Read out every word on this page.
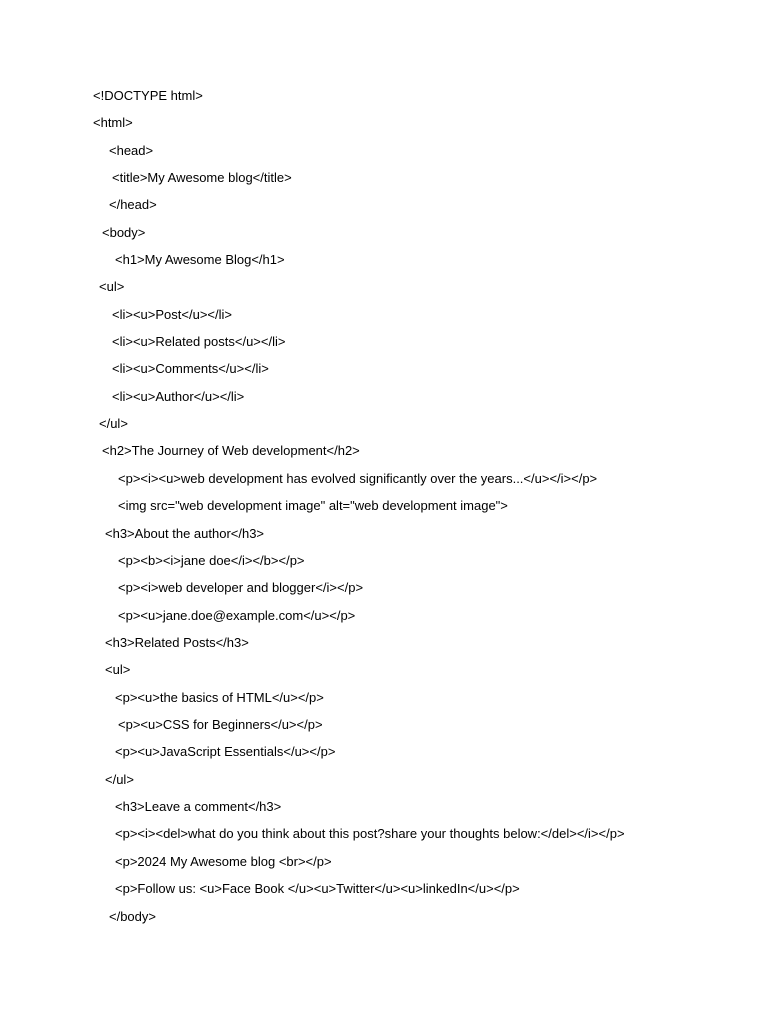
<!DOCTYPE html>

<html>

<head>

<title>My Awesome blog</title>

</head>

<body>

<h1>My Awesome Blog</h1>

<ul>

<li><u>Post</u></li>

<li><u>Related posts</u></li>

<li><u>Comments</u></li>

<li><u>Author</u></li>

</ul>

<h2>The Journey of Web development</h2>

<p><i><u>web development has evolved significantly over the years...</u></i></p>

<img src="web development image" alt="web development image">

<h3>About the author</h3>

<p><b><i>jane doe</i></b></p>

<p><i>web developer and blogger</i></p>

<p><u>jane.doe@example.com</u></p>

<h3>Related Posts</h3>

<ul>

<p><u>the basics of HTML</u></p>

<p><u>CSS for Beginners</u></p>

<p><u>JavaScript Essentials</u></p>

</ul>

<h3>Leave a comment</h3>

<p><i><del>what do you think about this post?share your thoughts below:</del></i></p>

<p>2024 My Awesome blog <br></p>

<p>Follow us: <u>Face Book </u><u>Twitter</u><u>linkedIn</u></p>

</body>
